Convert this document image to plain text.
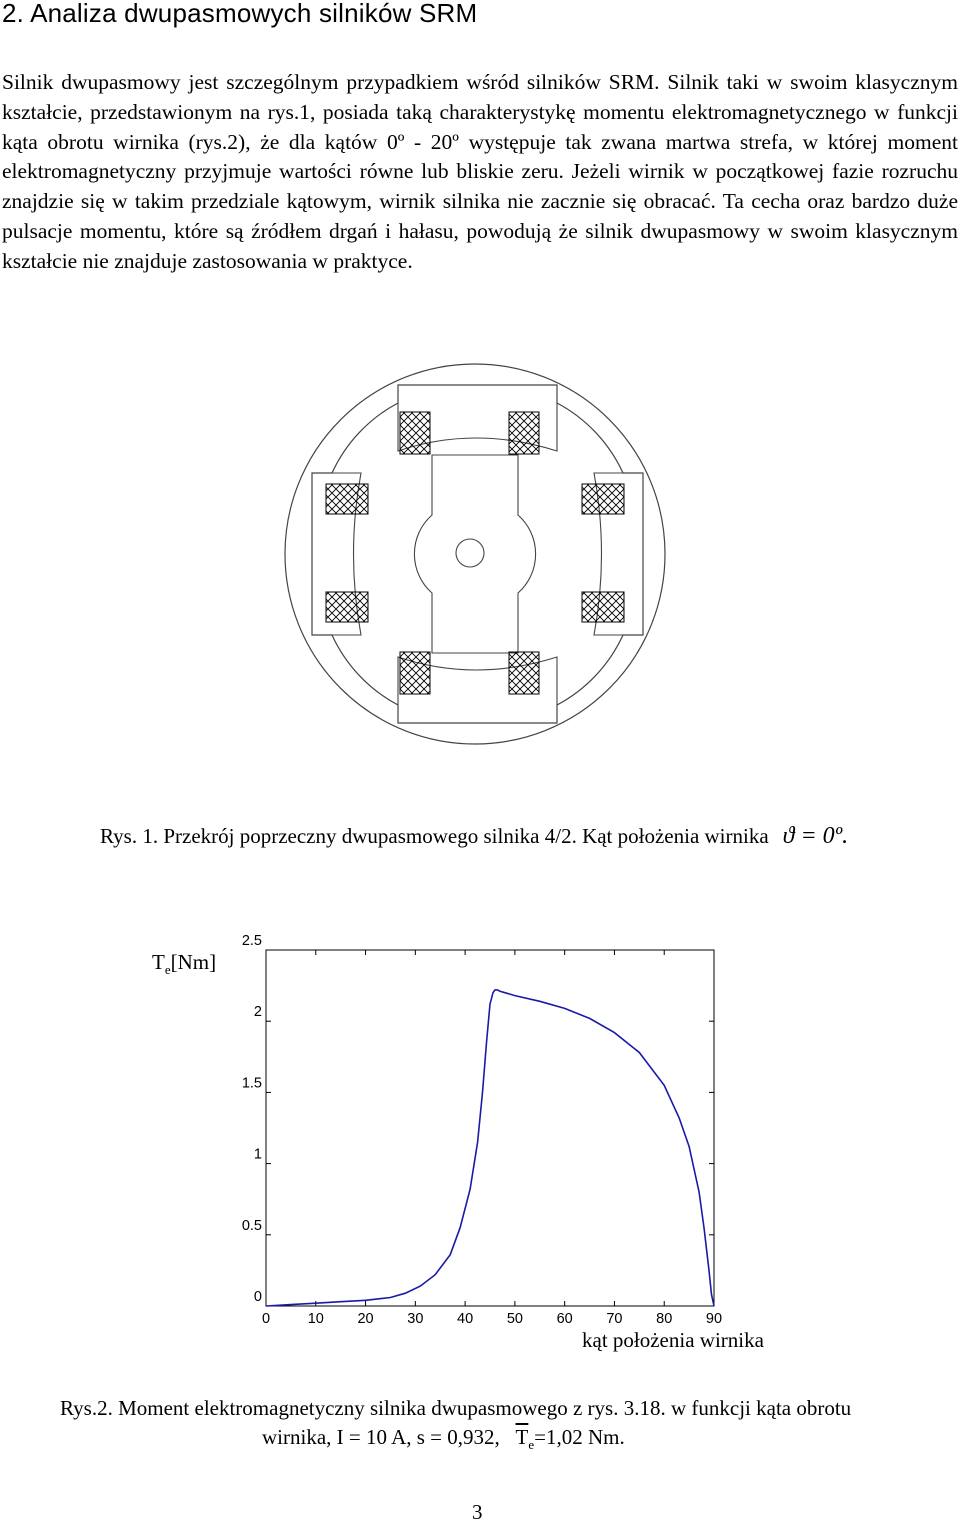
2. Analiza dwupasmowych silników SRM

Silnik dwupasmowy jest szczególnym przypadkiem wśród silników SRM. Silnik taki w swoim klasycznym kształcie, przedstawionym na rys.1, posiada taką charakterystykę momentu elektromagnetycznego w funkcji kąta obrotu wirnika (rys.2), że dla kątów 0º - 20º występuje tak zwana martwa strefa, w której moment elektromagnetyczny przyjmuje wartości równe lub bliskie zeru. Jeżeli wirnik w początkowej fazie rozruchu znajdzie się w takim przedziale kątowym, wirnik silnika nie zacznie się obracać. Ta cecha oraz bardzo duże pulsacje momentu, które są źródłem drgań i hałasu, powodują że silnik dwupasmowy w swoim klasycznym kształcie nie znajduje zastosowania w praktyce.

Rys. 1. Przekrój poprzeczny dwupasmowego silnika 4/2. Kąt położenia wirnika ϑ = 0º.
$T_e[Nm]$
0
0.5
1
1.5
2
2.5
0	10 20 30 40 50 60 70 80 90
kąt położenia wirnika
Rys.2. Moment elektromagnetyczny silnika dwupasmowego z rys. 3.18. w funkcji kąta obrotu
wirnika, I = 10 A, s = 0,932, $\overline{T}_e=1,02$ Nm.
3
